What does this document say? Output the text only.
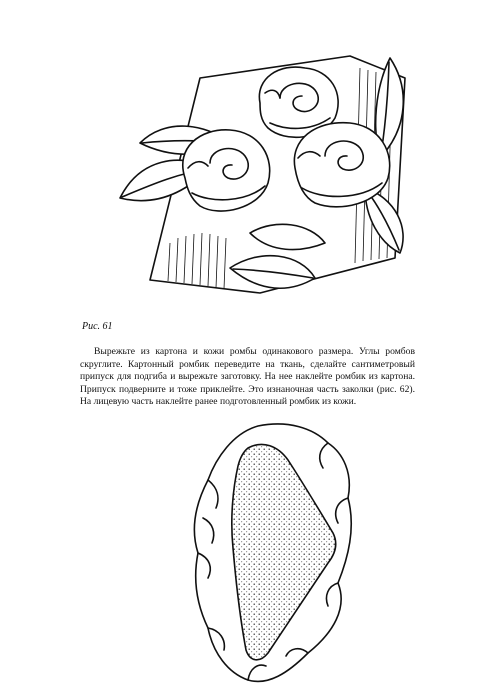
Рис. 61

Вырежьте из картона и кожи ромбы одинакового размера. Углы ромбов скруглите. Картонный ромбик переведите на ткань, сделайте сантиметровый припуск для подгиба и вырежьте заготовку. На нее наклейте ромбик из картона. Припуск подверните и тоже приклейте. Это изнаночная часть заколки (рис. 62). На лицевую часть наклейте ранее подготовленный ромбик из кожи.
